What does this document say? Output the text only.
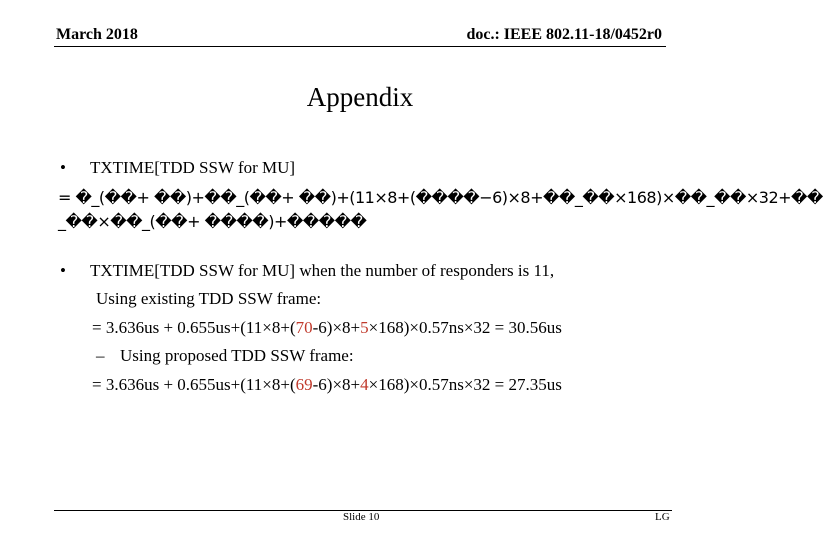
March 2018	doc.: IEEE 802.11-18/0452r0
Appendix
• TXTIME[TDD SSW for MU]
= �_(��+ ��)+��_(��+ ��)+(11×8+(����−6)×8+��_��×168)×��_��×32+��
_��×��_(��+ ����)+�����
• TXTIME[TDD SSW for MU] when the number of responders is 11,
Using existing TDD SSW frame:
= 3.636us + 0.655us+(11×8+(70-6)×8+5×168)×0.57ns×32 = 30.56us
– Using proposed TDD SSW frame:
= 3.636us + 0.655us+(11×8+(69-6)×8+4×168)×0.57ns×32 = 27.35us
Slide 10	LG
